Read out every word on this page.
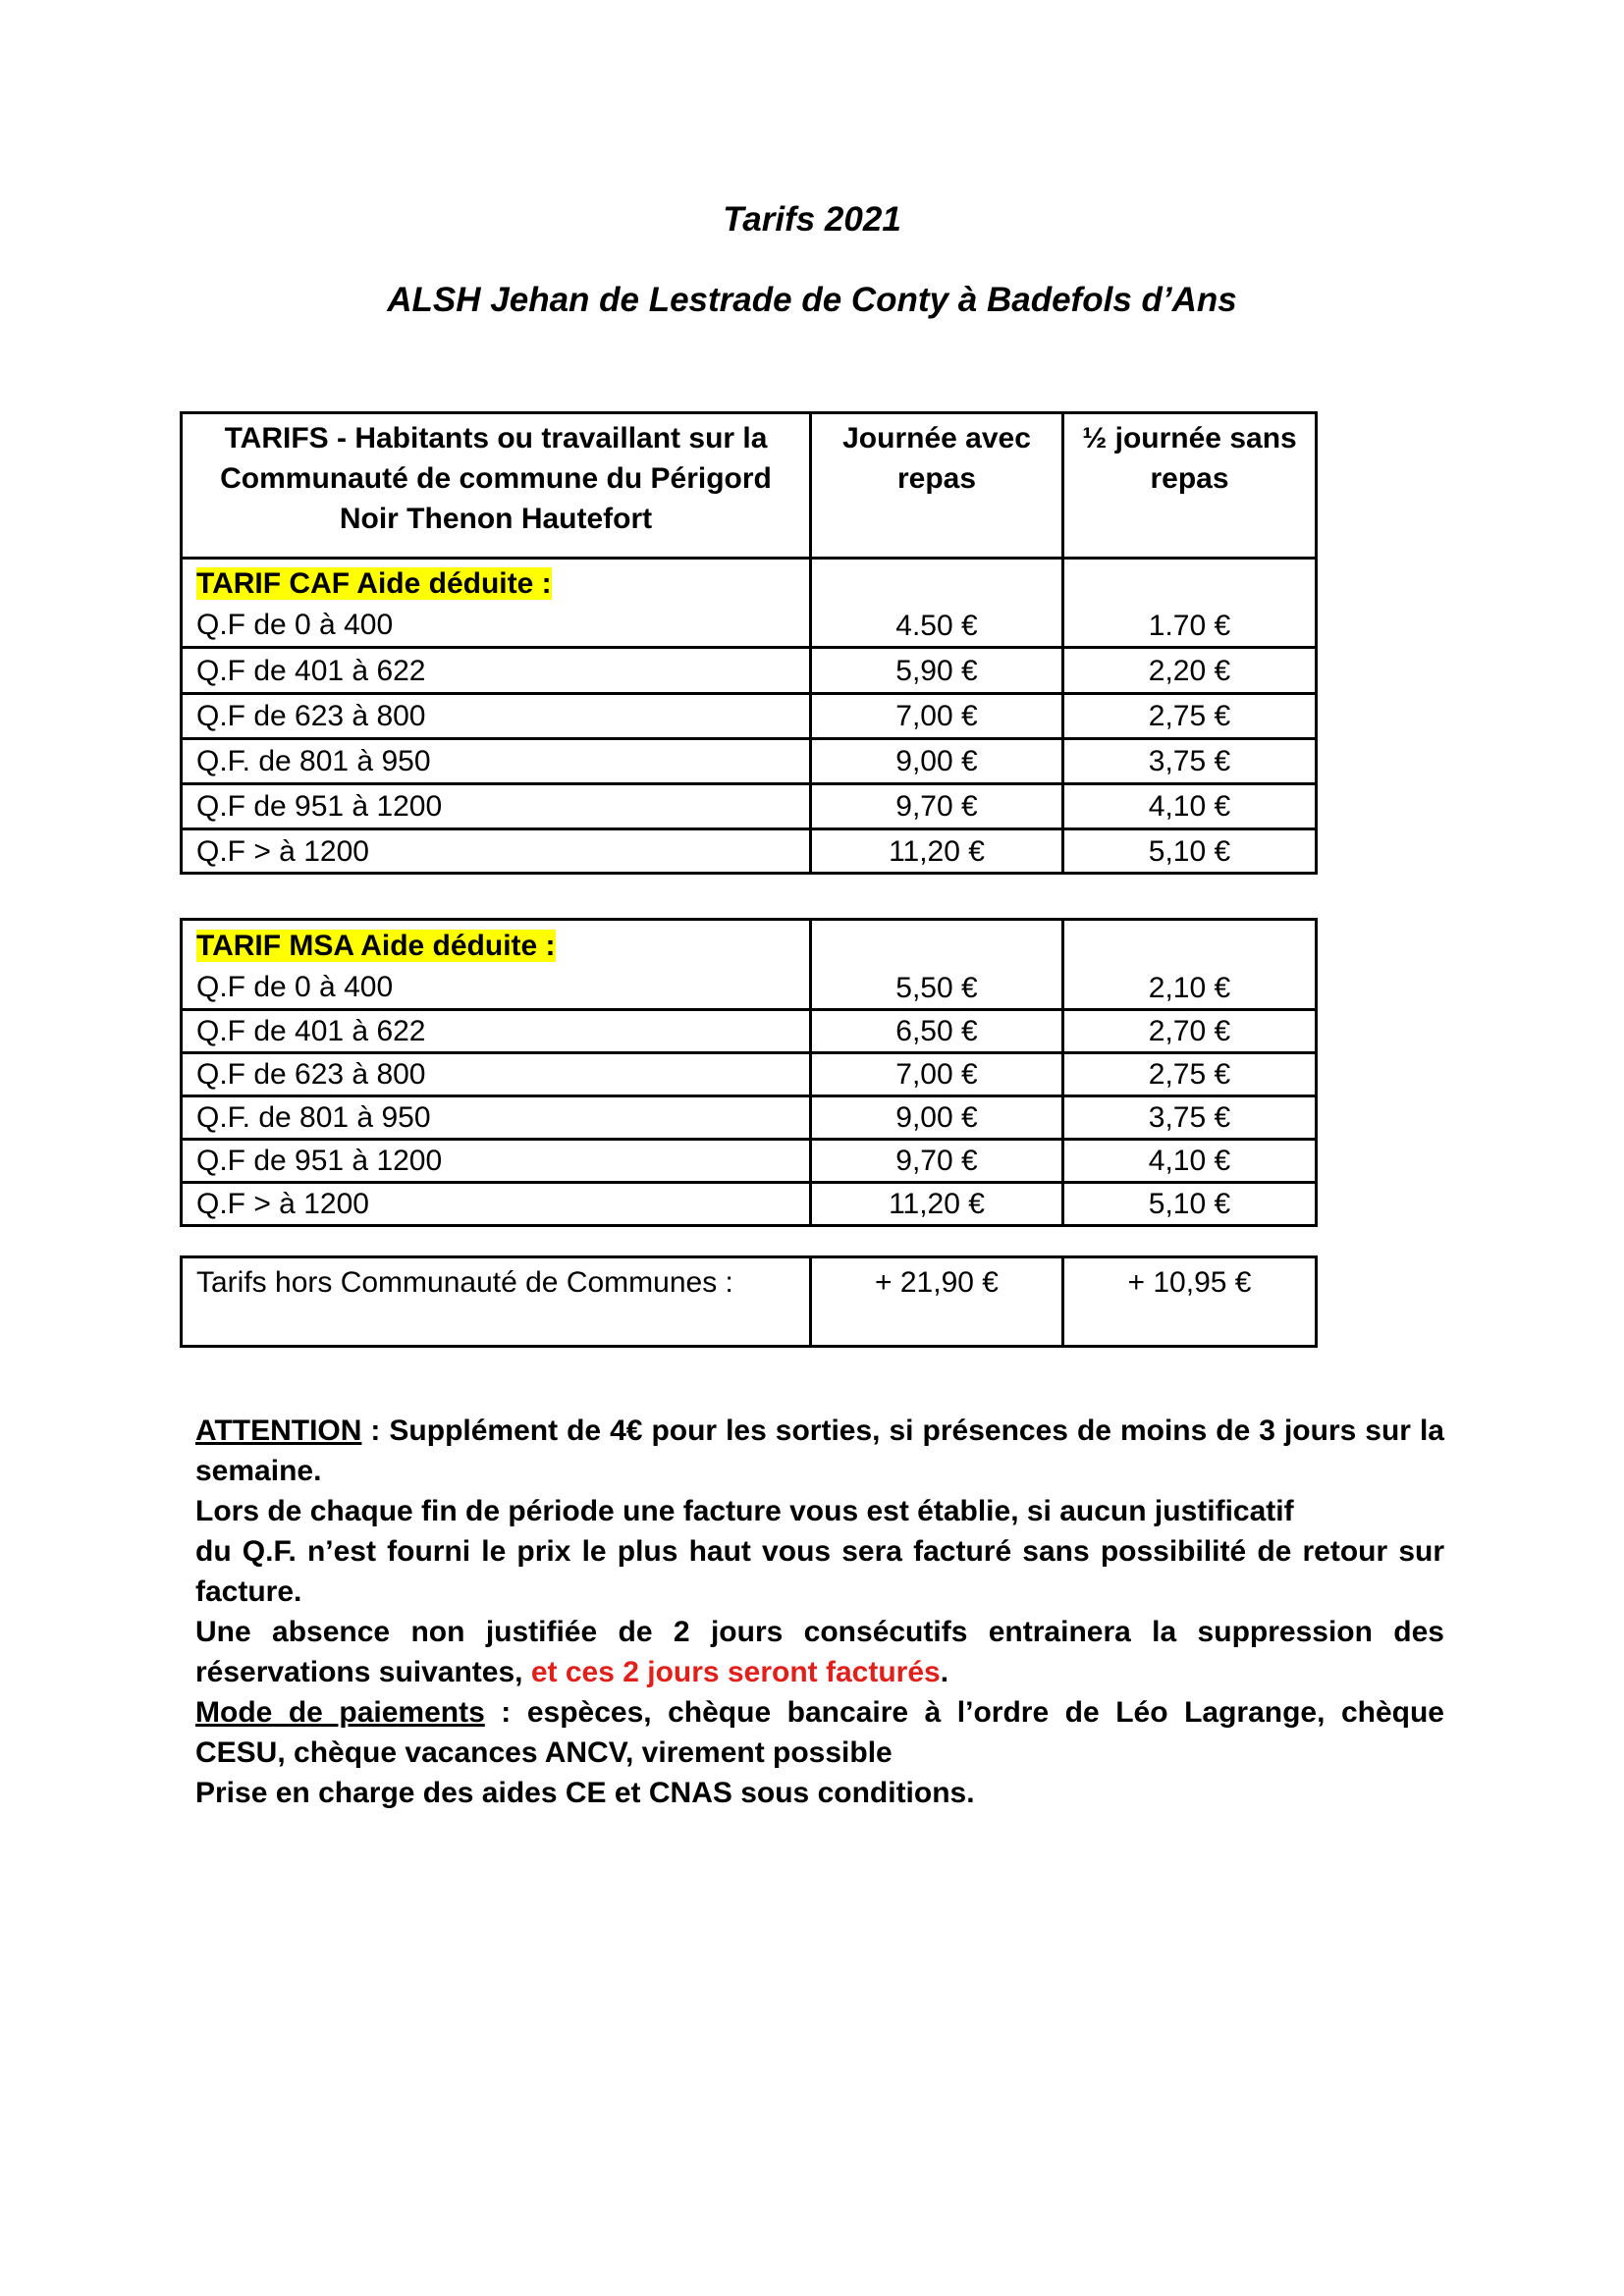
Tarifs 2021
ALSH Jehan de Lestrade de Conty à Badefols d’Ans
TARIFS - Habitants ou travaillant sur la Communauté de commune du Périgord Noir Thenon Hautefort	Journée avec repas	½ journée sans repas

TARIF CAF Aide déduite :
Q.F de 0 à 400	4.50 €	1.70 €
Q.F de 401 à 622	5,90 €	2,20 €
Q.F de 623 à 800	7,00 €	2,75 €
Q.F. de 801 à 950	9,00 €	3,75 €
Q.F de 951 à 1200	9,70 €	4,10 €
Q.F > à 1200	11,20 €	5,10 €
TARIF MSA Aide déduite :
Q.F de 0 à 400	5,50 €	2,10 €
Q.F de 401 à 622	6,50 €	2,70 €
Q.F de 623 à 800	7,00 €	2,75 €
Q.F. de 801 à 950	9,00 €	3,75 €
Q.F de 951 à 1200	9,70 €	4,10 €
Q.F > à 1200	11,20 €	5,10 €
Tarifs hors Communauté de Communes :	+ 21,90 €	+ 10,95 €

ATTENTION : Supplément de 4€ pour les sorties, si présences de moins de 3 jours sur la semaine.

Lors de chaque fin de période une facture vous est établie, si aucun justificatif

du Q.F. n’est fourni le prix le plus haut vous sera facturé sans possibilité de retour sur facture.

Une absence non justifiée de 2 jours consécutifs entrainera la suppression des réservations suivantes, et ces 2 jours seront facturés.

Mode de paiements : espèces, chèque bancaire à l’ordre de Léo Lagrange, chèque CESU, chèque vacances ANCV, virement possible

Prise en charge des aides CE et CNAS sous conditions.
